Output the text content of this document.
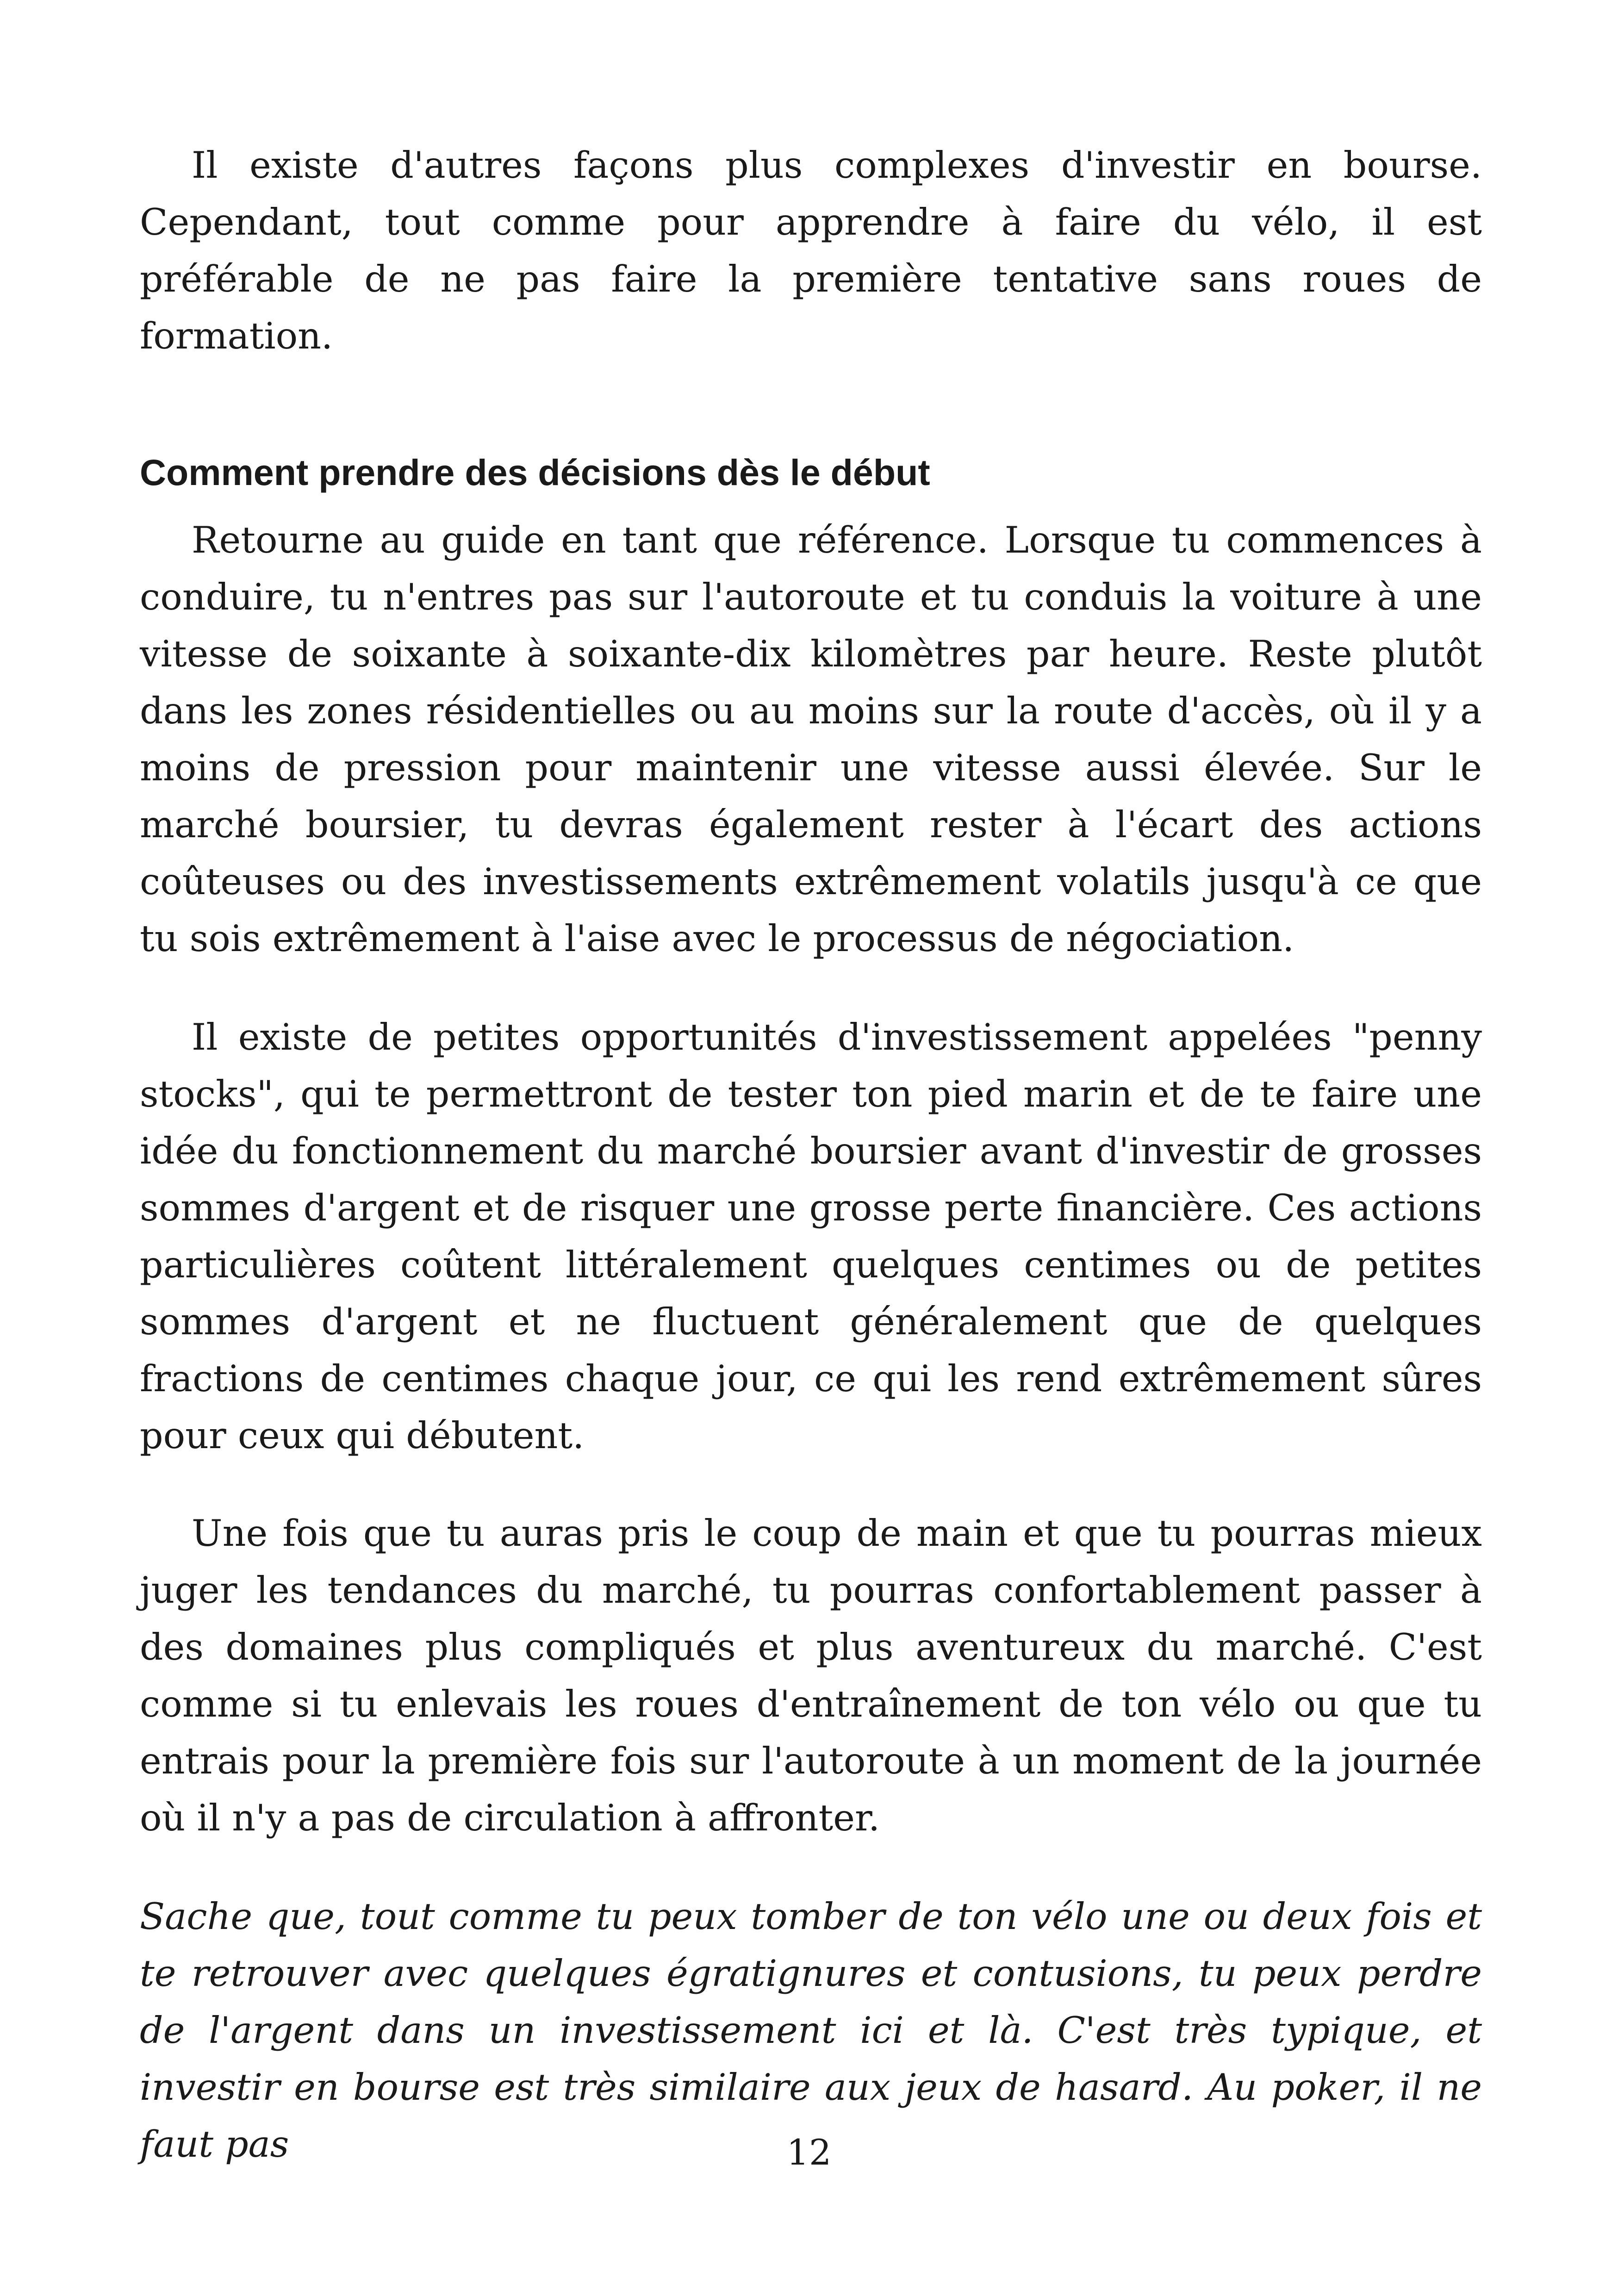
Il existe d'autres façons plus complexes d'investir en bourse. Cependant, tout comme pour apprendre à faire du vélo, il est préférable de ne pas faire la première tentative sans roues de formation.

Comment prendre des décisions dès le début

Retourne au guide en tant que référence. Lorsque tu commences à conduire, tu n'entres pas sur l'autoroute et tu conduis la voiture à une vitesse de soixante à soixante-dix kilomètres par heure. Reste plutôt dans les zones résidentielles ou au moins sur la route d'accès, où il y a moins de pression pour maintenir une vitesse aussi élevée. Sur le marché boursier, tu devras également rester à l'écart des actions coûteuses ou des investissements extrêmement volatils jusqu'à ce que tu sois extrêmement à l'aise avec le processus de négociation.

Il existe de petites opportunités d'investissement appelées "penny stocks", qui te permettront de tester ton pied marin et de te faire une idée du fonctionnement du marché boursier avant d'investir de grosses sommes d'argent et de risquer une grosse perte financière. Ces actions particulières coûtent littéralement quelques centimes ou de petites sommes d'argent et ne fluctuent généralement que de quelques fractions de centimes chaque jour, ce qui les rend extrêmement sûres pour ceux qui débutent.

Une fois que tu auras pris le coup de main et que tu pourras mieux juger les tendances du marché, tu pourras confortablement passer à des domaines plus compliqués et plus aventureux du marché. C'est comme si tu enlevais les roues d'entraînement de ton vélo ou que tu entrais pour la première fois sur l'autoroute à un moment de la journée où il n'y a pas de circulation à affronter.

Sache que, tout comme tu peux tomber de ton vélo une ou deux fois et te retrouver avec quelques égratignures et contusions, tu peux perdre de l'argent dans un investissement ici et là. C'est très typique, et investir en bourse est très similaire aux jeux de hasard. Au poker, il ne faut pas	12
